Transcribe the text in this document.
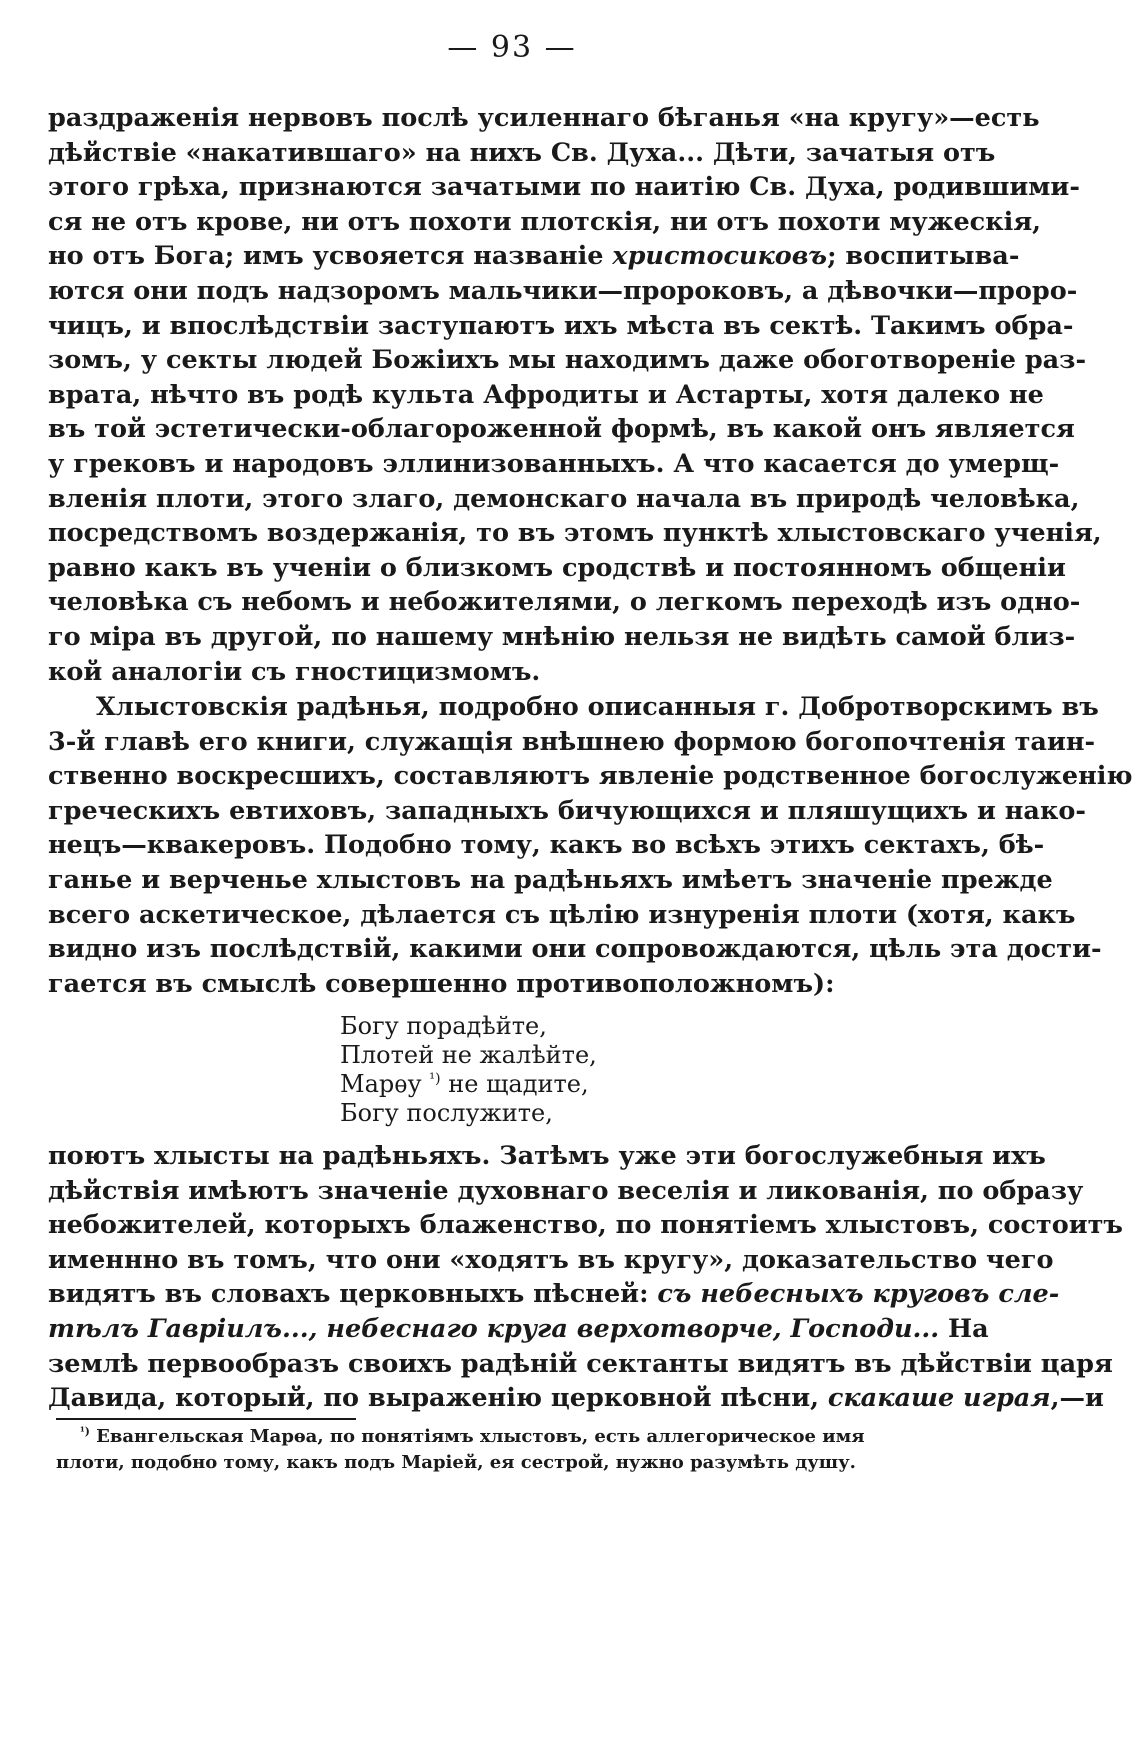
— 93 —
раздраженія нервовъ послѣ усиленнаго бѣганья «на кругу»—есть
дѣйствіе «накатившаго» на нихъ Св. Духа... Дѣти, зачатыя отъ
этого грѣха, признаются зачатыми по наитію Св. Духа, родившими-
ся не отъ крове, ни отъ похоти плотскія, ни отъ похоти мужескія,
но отъ Бога; имъ усвояется названіе христосиковъ; воспитыва-
ются они подъ надзоромъ мальчики—пророковъ, а дѣвочки—проро-
чицъ, и впослѣдствіи заступаютъ ихъ мѣста въ сектѣ. Такимъ обра-
зомъ, у секты людей Божіихъ мы находимъ даже обоготвореніе раз-
врата, нѣчто въ родѣ культа Афродиты и Астарты, хотя далеко не
въ той эстетически-облагороженной формѣ, въ какой онъ является
у грековъ и народовъ эллинизованныхъ. А что касается до умерщ-
вленія плоти, этого злаго, демонскаго начала въ природѣ человѣка,
посредствомъ воздержанія, то въ этомъ пунктѣ хлыстовскаго ученія,
равно какъ въ ученіи о близкомъ сродствѣ и постоянномъ общеніи
человѣка съ небомъ и небожителями, о легкомъ переходѣ изъ одно-
го міра въ другой, по нашему мнѣнію нельзя не видѣть самой близ-
кой аналогіи съ гностицизмомъ.
Хлыстовскія радѣнья, подробно описанныя г. Добротворскимъ въ
3-й главѣ его книги, служащія внѣшнею формою богопочтенія таин-
ственно воскресшихъ, составляютъ явленіе родственное богослуженію
греческихъ евтиховъ, западныхъ бичующихся и пляшущихъ и нако-
нецъ—квакеровъ. Подобно тому, какъ во всѣхъ этихъ сектахъ, бѣ-
ганье и верченье хлыстовъ на радѣньяхъ имѣетъ значеніе прежде
всего аскетическое, дѣлается съ цѣлію изнуренія плоти (хотя, какъ
видно изъ послѣдствій, какими они сопровождаются, цѣль эта дости-
гается въ смыслѣ совершенно противоположномъ):
Богу порадѣйте,
Плотей не жалѣйте,
Марѳу $^{^1)}$ не щадите,
Богу послужите,
поютъ хлысты на радѣньяхъ. Затѣмъ уже эти богослужебныя ихъ
дѣйствія имѣютъ значеніе духовнаго веселія и ликованія, по образу
небожителей, которыхъ блаженство, по понятіемъ хлыстовъ, состоитъ
именнно въ томъ, что они «ходятъ въ кругу», доказательство чего
видятъ въ словахъ церковныхъ пѣсней: съ небесныхъ круговъ сле-
тѣлъ Гавріилъ..., небеснаго круга верхотворче, Господи... На
землѣ первообразъ своихъ радѣній сектанты видятъ въ дѣйствіи царя
Давида, который, по выраженію церковной пѣсни, скакаше играя,—и
$^{^1)}$ Евангельская Марѳа, по понятіямъ хлыстовъ, есть аллегорическое имя
плоти, подобно тому, какъ подъ Маріей, ея сестрой, нужно разумѣть душу.
